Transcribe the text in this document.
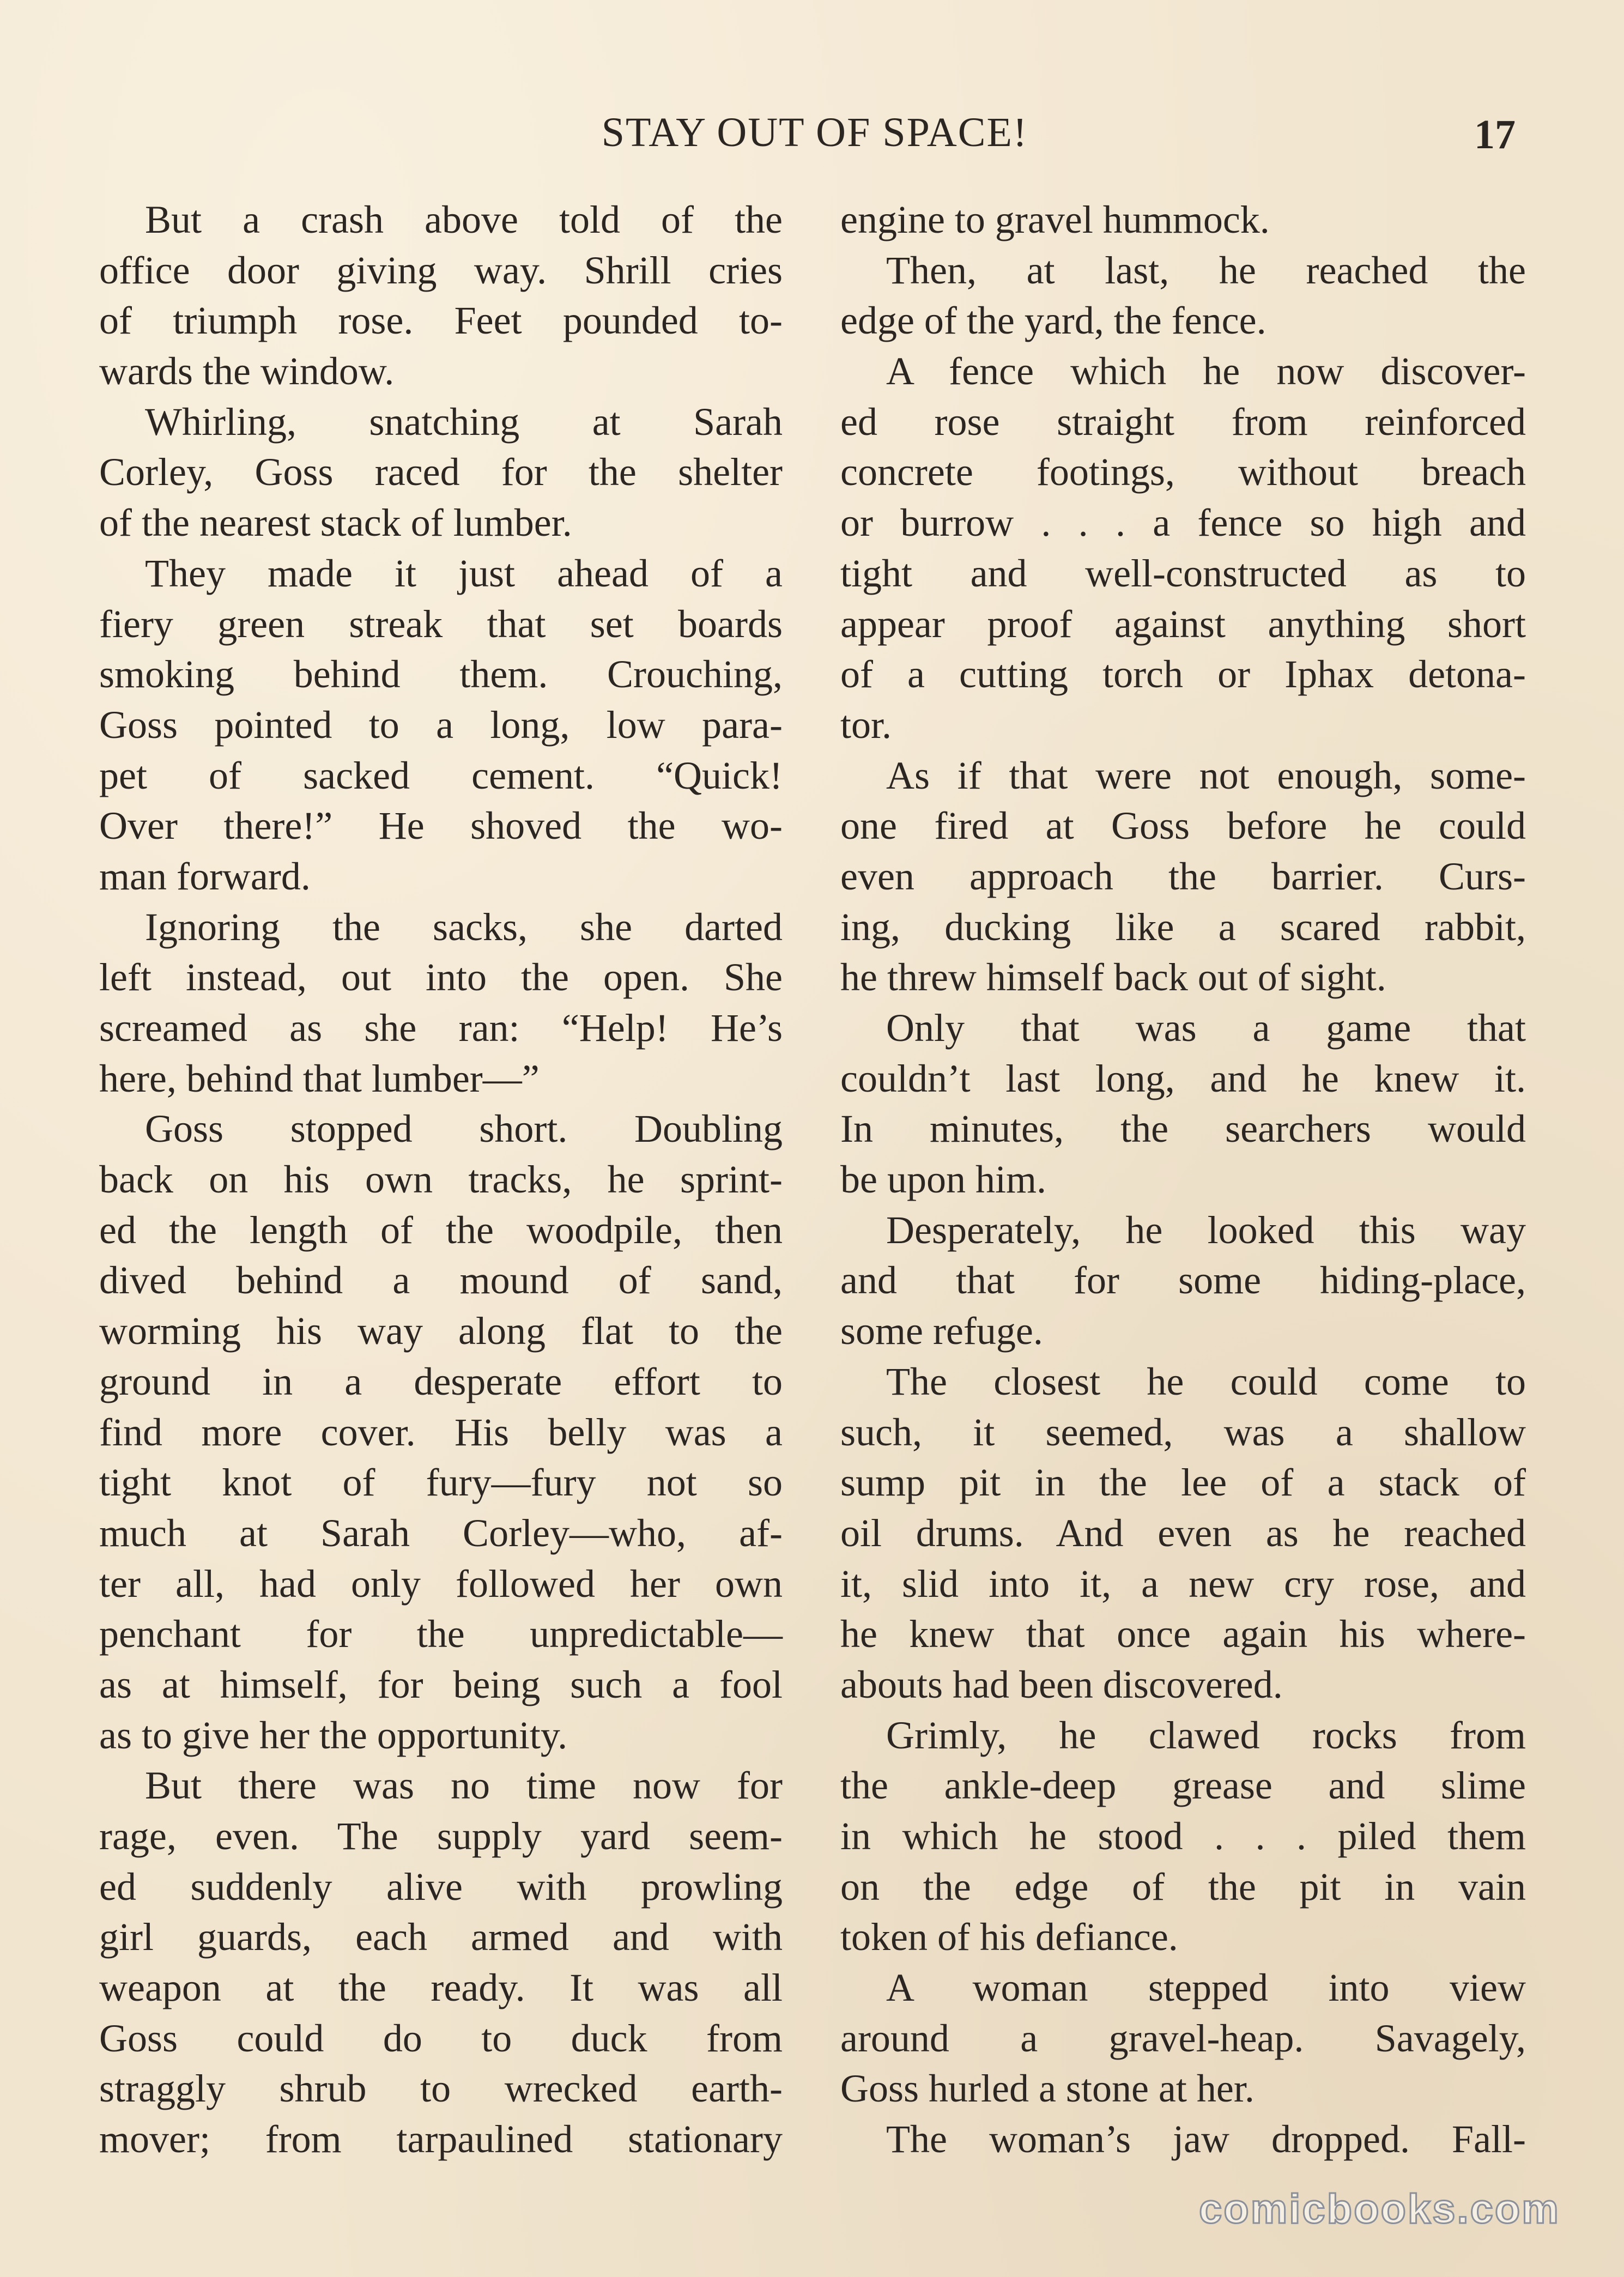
STAY OUT OF SPACE!	17
But a crash above told of the
office door giving way. Shrill cries
of triumph rose. Feet pounded to-
wards the window.
Whirling, snatching at Sarah
Corley, Goss raced for the shelter
of the nearest stack of lumber.
They made it just ahead of a
fiery green streak that set boards
smoking behind them. Crouching,
Goss pointed to a long, low para-
pet of sacked cement. “Quick!
Over there!” He shoved the wo-
man forward.
Ignoring the sacks, she darted
left instead, out into the open. She
screamed as she ran: “Help! He’s
here, behind that lumber—”
Goss stopped short. Doubling
back on his own tracks, he sprint-
ed the length of the woodpile, then
dived behind a mound of sand,
worming his way along flat to the
ground in a desperate effort to
find more cover. His belly was a
tight knot of fury—fury not so
much at Sarah Corley—who, af-
ter all, had only followed her own
penchant for the unpredictable—
as at himself, for being such a fool
as to give her the opportunity.
But there was no time now for
rage, even. The supply yard seem-
ed suddenly alive with prowling
girl guards, each armed and with
weapon at the ready. It was all
Goss could do to duck from
straggly shrub to wrecked earth-
mover; from tarpaulined stationary
engine to gravel hummock.
Then, at last, he reached the
edge of the yard, the fence.
A fence which he now discover-
ed rose straight from reinforced
concrete footings, without breach
or burrow . . . a fence so high and
tight and well-constructed as to
appear proof against anything short
of a cutting torch or Iphax detona-
tor.
As if that were not enough, some-
one fired at Goss before he could
even approach the barrier. Curs-
ing, ducking like a scared rabbit,
he threw himself back out of sight.
Only that was a game that
couldn’t last long, and he knew it.
In minutes, the searchers would
be upon him.
Desperately, he looked this way
and that for some hiding-place,
some refuge.
The closest he could come to
such, it seemed, was a shallow
sump pit in the lee of a stack of
oil drums. And even as he reached
it, slid into it, a new cry rose, and
he knew that once again his where-
abouts had been discovered.
Grimly, he clawed rocks from
the ankle-deep grease and slime
in which he stood . . . piled them
on the edge of the pit in vain
token of his defiance.
A woman stepped into view
around a gravel-heap. Savagely,
Goss hurled a stone at her.
The woman’s jaw dropped. Fall-
comicbooks.com
